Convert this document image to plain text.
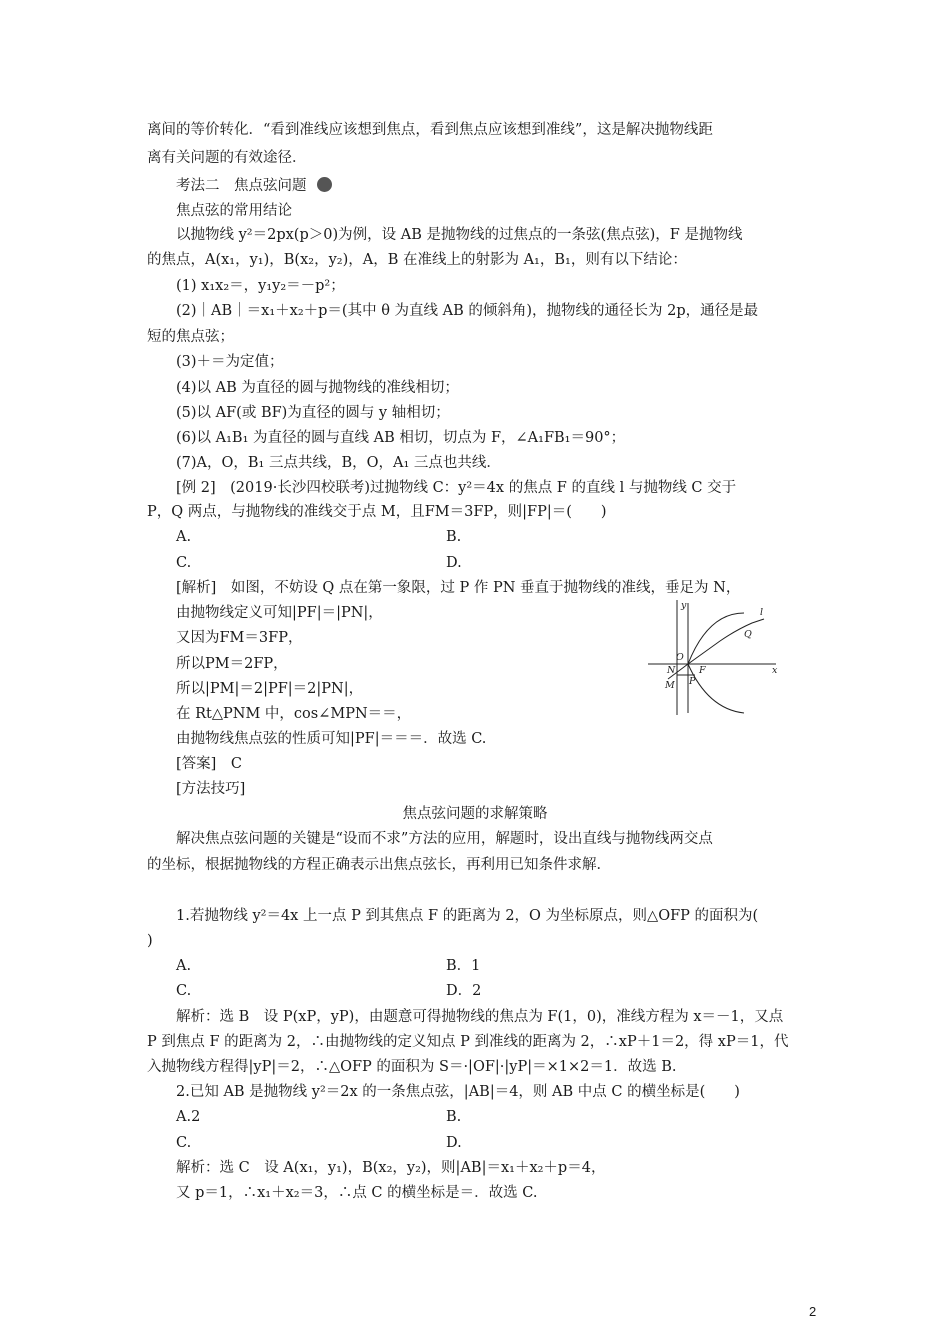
离间的等价转化．“看到准线应该想到焦点，看到焦点应该想到准线”，这是解决抛物线距
离有关问题的有效途径．
考法二　焦点弦问题
焦点弦的常用结论
以抛物线 y²＝2px(p＞0)为例，设 AB 是抛物线的过焦点的一条弦(焦点弦)，F 是抛物线
的焦点，A(x₁，y₁)，B(x₂，y₂)，A，B 在准线上的射影为 A₁，B₁，则有以下结论：
(1) x₁x₂＝，y₁y₂＝－p²；
(2)｜AB｜＝x₁＋x₂＋p＝(其中 θ 为直线 AB 的倾斜角)，抛物线的通径长为 2p，通径是最
短的焦点弦；
(3)＋＝为定值；
(4)以 AB 为直径的圆与抛物线的准线相切；
(5)以 AF(或 BF)为直径的圆与 y 轴相切；
(6)以 A₁B₁ 为直径的圆与直线 AB 相切，切点为 F，∠A₁FB₁＝90°；
(7)A，O，B₁ 三点共线，B，O，A₁ 三点也共线．
[例 2]　(2019·长沙四校联考)过抛物线 C：y²＝4x 的焦点 F 的直线 l 与抛物线 C 交于
P，Q 两点，与抛物线的准线交于点 M，且FM＝3FP，则|FP|＝(　　)
A.	B.
C.	D.
[解析]　如图，不妨设 Q 点在第一象限，过 P 作 PN 垂直于抛物线的准线，垂足为 N，
由抛物线定义可知|PF|＝|PN|，
又因为FM＝3FP，
所以PM＝2FP，
所以|PM|＝2|PF|＝2|PN|，
在 Rt△PNM 中，cos∠MPN＝＝，
由抛物线焦点弦的性质可知|PF|＝＝＝．故选 C.
[答案]　C
[方法技巧]
焦点弦问题的求解策略
解决焦点弦问题的关键是“设而不求”方法的应用，解题时，设出直线与抛物线两交点
的坐标，根据抛物线的方程正确表示出焦点弦长，再利用已知条件求解．
1.若抛物线 y²＝4x 上一点 P 到其焦点 F 的距离为 2，O 为坐标原点，则△OFP 的面积为(
)
A.	B．1
C.	D．2
解析：选 B　设 P(xP，yP)，由题意可得抛物线的焦点为 F(1，0)，准线方程为 x＝－1，又点
P 到焦点 F 的距离为 2，∴由抛物线的定义知点 P 到准线的距离为 2，∴xP＋1＝2，得 xP＝1，代
入抛物线方程得|yP|＝2，∴△OFP 的面积为 S＝·|OF|·|yP|＝×1×2＝1．故选 B.
2.已知 AB 是抛物线 y²＝2x 的一条焦点弦，|AB|＝4，则 AB 中点 C 的横坐标是(　　)
A.2	B.
C.	D.
解析：选 C　设 A(x₁，y₁)，B(x₂，y₂)，则|AB|＝x₁＋x₂＋p＝4，
又 p＝1，∴x₁＋x₂＝3，∴点 C 的横坐标是＝．故选 C.
y
x
l
Q
O
N F
M P
2
